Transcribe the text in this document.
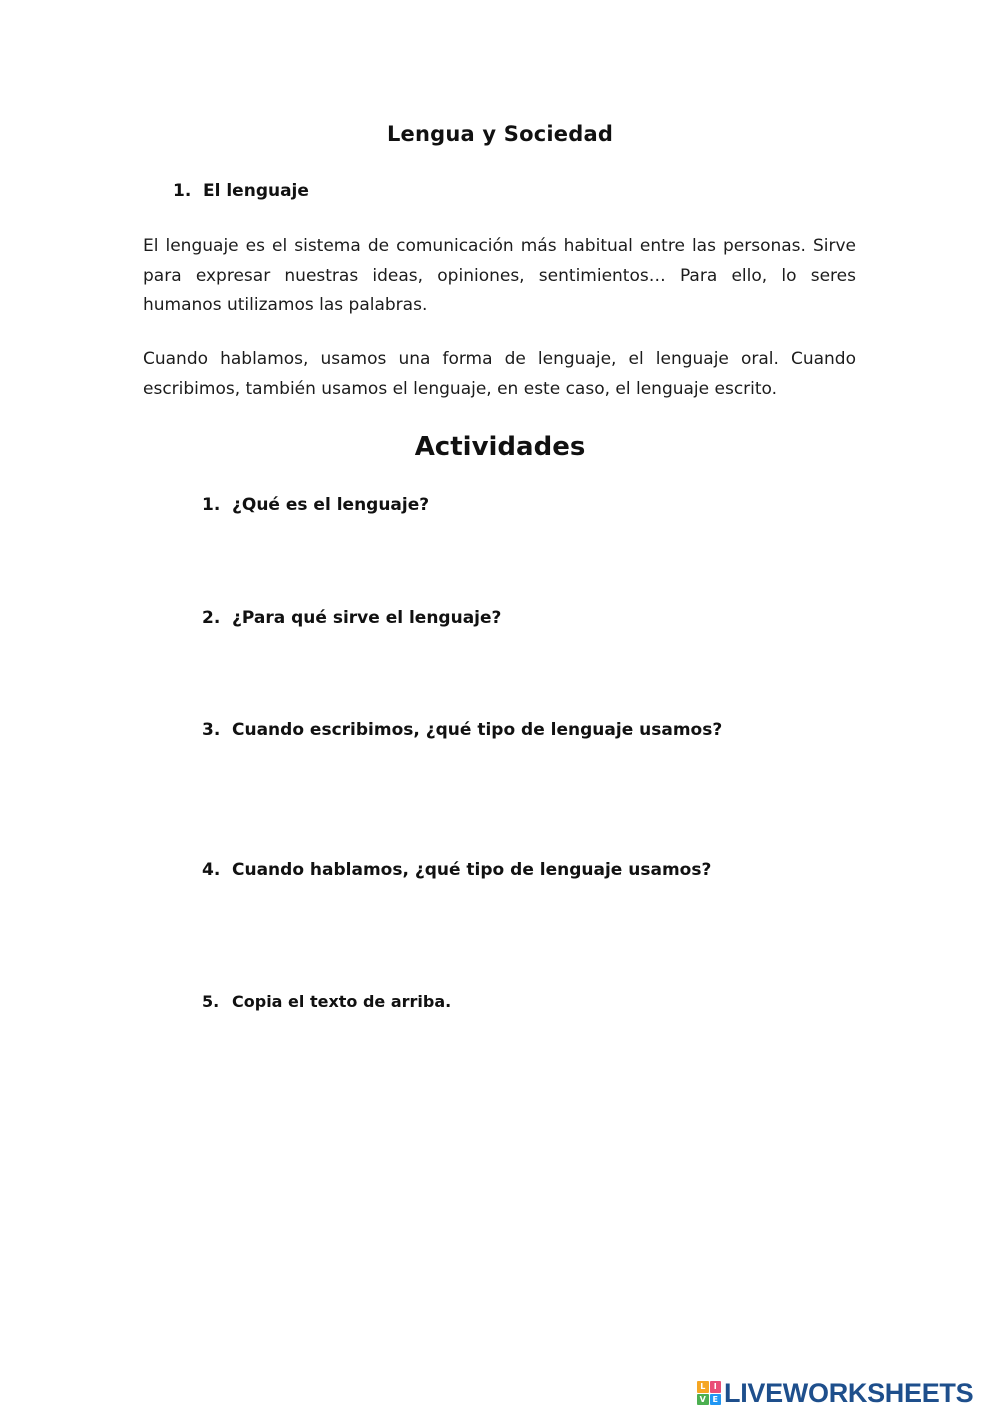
Lengua y Sociedad
1. El lenguaje
El lenguaje es el sistema de comunicación más habitual entre las personas. Sirve para expresar nuestras ideas, opiniones, sentimientos… Para ello, lo seres humanos utilizamos las palabras.
Cuando hablamos, usamos una forma de lenguaje, el lenguaje oral. Cuando escribimos, también usamos el lenguaje, en este caso, el lenguaje escrito.
Actividades
1. ¿Qué es el lenguaje?
2. ¿Para qué sirve el lenguaje?
3. Cuando escribimos, ¿qué tipo de lenguaje usamos?
4. Cuando hablamos, ¿qué tipo de lenguaje usamos?
5. Copia el texto de arriba.
L	I
V E LIVEWORKSHEETS
